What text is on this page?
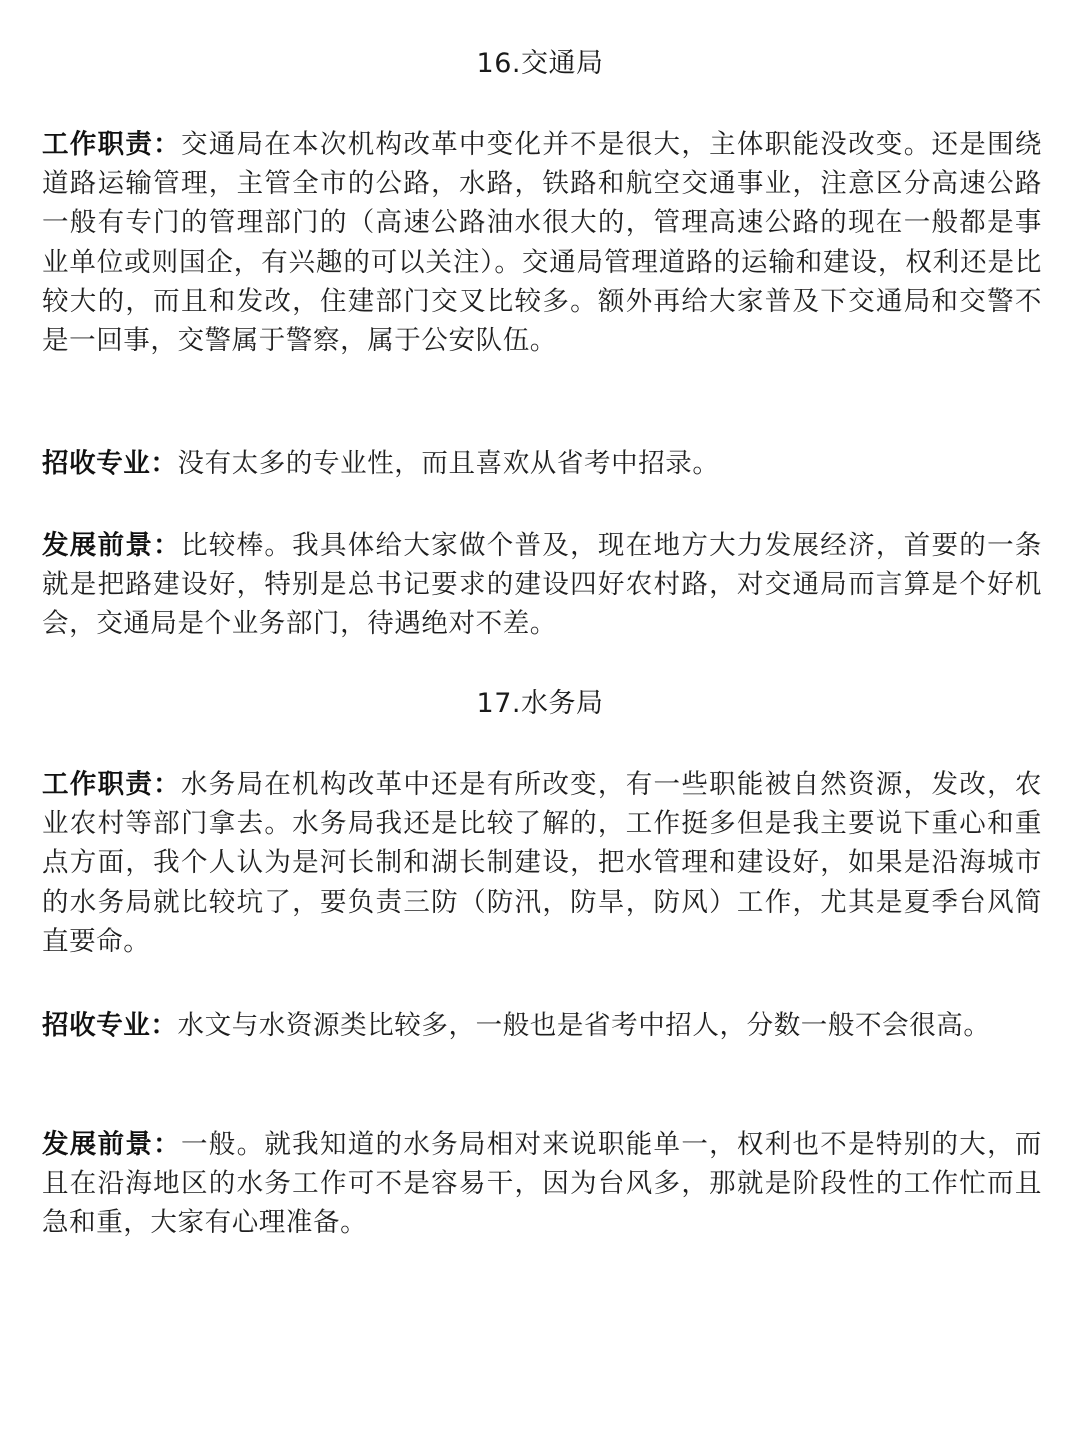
16.交通局
工作职责：交通局在本次机构改革中变化并不是很大，主体职能没改变。还是围绕道路运输管理，主管全市的公路，水路，铁路和航空交通事业，注意区分高速公路一般有专门的管理部门的（高速公路油水很大的，管理高速公路的现在一般都是事业单位或则国企，有兴趣的可以关注）。交通局管理道路的运输和建设，权利还是比较大的，而且和发改，住建部门交叉比较多。额外再给大家普及下交通局和交警不是一回事，交警属于警察，属于公安队伍。
招收专业：没有太多的专业性，而且喜欢从省考中招录。
发展前景：比较棒。我具体给大家做个普及，现在地方大力发展经济，首要的一条就是把路建设好，特别是总书记要求的建设四好农村路，对交通局而言算是个好机会，交通局是个业务部门，待遇绝对不差。
17.水务局
工作职责：水务局在机构改革中还是有所改变，有一些职能被自然资源，发改，农业农村等部门拿去。水务局我还是比较了解的，工作挺多但是我主要说下重心和重点方面，我个人认为是河长制和湖长制建设，把水管理和建设好，如果是沿海城市的水务局就比较坑了，要负责三防（防汛，防旱，防风）工作，尤其是夏季台风简直要命。
招收专业：水文与水资源类比较多，一般也是省考中招人，分数一般不会很高。
发展前景：一般。就我知道的水务局相对来说职能单一，权利也不是特别的大，而且在沿海地区的水务工作可不是容易干，因为台风多，那就是阶段性的工作忙而且急和重，大家有心理准备。
